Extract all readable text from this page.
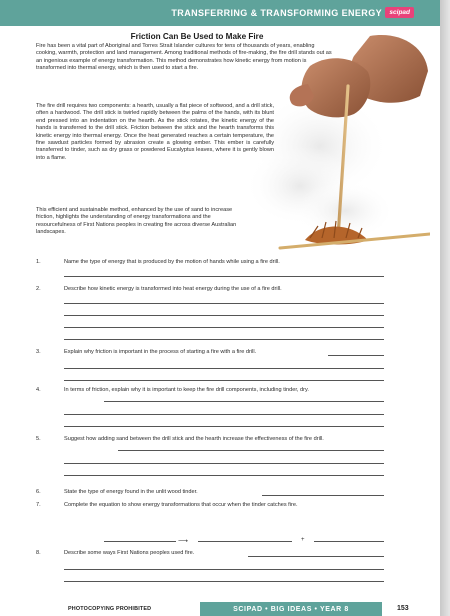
TRANSFERRING & TRANSFORMING ENERGY	scipad
Friction Can Be Used to Make Fire

Fire has been a vital part of Aboriginal and Torres Strait Islander cultures for tens of thousands of years, enabling cooking, warmth, protection and land management. Among traditional methods of fire-making, the fire drill stands out as an ingenious example of energy transformation. This method demonstrates how kinetic energy from motion is transformed into thermal energy, which is then used to start a fire.

The fire drill requires two components: a hearth, usually a flat piece of softwood, and a drill stick, often a hardwood. The drill stick is twirled rapidly between the palms of the hands, with its blunt end pressed into an indentation on the hearth. As the stick rotates, the kinetic energy of the hands is transferred to the drill stick. Friction between the stick and the hearth transforms this kinetic energy into thermal energy. Once the heat generated reaches a certain temperature, the fine sawdust particles formed by abrasion create a glowing ember. This ember is carefully transferred to tinder, such as dry grass or powdered Eucalyptus leaves, where it is gently blown into a flame.

This efficient and sustainable method, enhanced by the use of sand to increase friction, highlights the understanding of energy transformations and the resourcefulness of First Nations peoples in creating fire across diverse Australian landscapes.

1.	Name the type of energy that is produced by the motion of hands while using a fire drill.
2.	Describe how kinetic energy is transformed into heat energy during the use of a fire drill.
3.	Explain why friction is important in the process of starting a fire with a fire drill.
4.	In terms of friction, explain why it is important to keep the fire drill components, including tinder, dry.
5.	Suggest how adding sand between the drill stick and the hearth increase the effectiveness of the fire drill.
6.	State the type of energy found in the unlit wood tinder.
7.	Complete the equation to show energy transformations that occur when the tinder catches fire.
⟶	+
8.	Describe some ways First Nations peoples used fire.
PHOTOCOPYING PROHIBITED	SCIPAD • BIG IDEAS • YEAR 8	153
